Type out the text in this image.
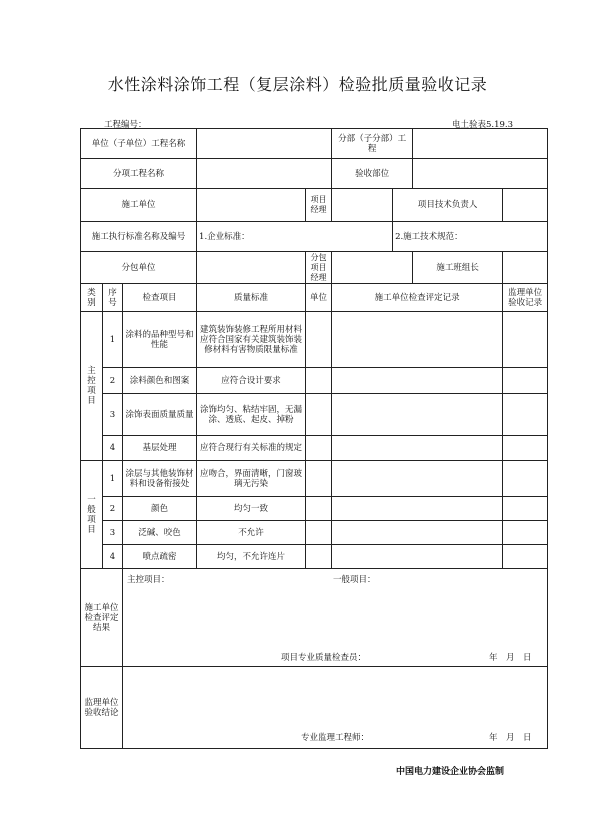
水性涂料涂饰工程（复层涂料）检验批质量验收记录
工程编号：	电土验表5.19.3
单位（子单位）工程名称					分部（子分部）工程			
分项工程名称					验收部位			
施工单位				项目经理		项目技术负责人		
施工执行标准名称及编号			1.企业标准：			2.施工技术规范：		
分包单位				分包项目经理			施工班组长	
类别	序号	检查项目	质量标准	单位	施工单位检查评定记录			监理单位验收记录
主控项目	1	涂料的品种型号和性能	建筑装饰装修工程所用材料应符合国家有关建筑装饰装修材料有害物质限量标准					
	2	涂料颜色和图案	应符合设计要求					
	3	涂饰表面质量质量	涂饰均匀、粘结牢固，无漏涂、透底、起皮、掉粉					
	4	基层处理	应符合现行有关标准的规定					
一般项目	1	涂层与其他装饰材料和设备衔接处	应吻合，界面清晰，门窗玻璃无污染					
	2	颜色	均匀一致					
	3	泛碱、咬色	不允许					
	4	喷点疏密	均匀，不允许连片					
施工单位检查评定结果		主控项目： 一般项目：
项目专业质量检查员： 年　月　日						

监理单位验收结论		专业监理工程师： 年　月　日						
中国电力建设企业协会监制
